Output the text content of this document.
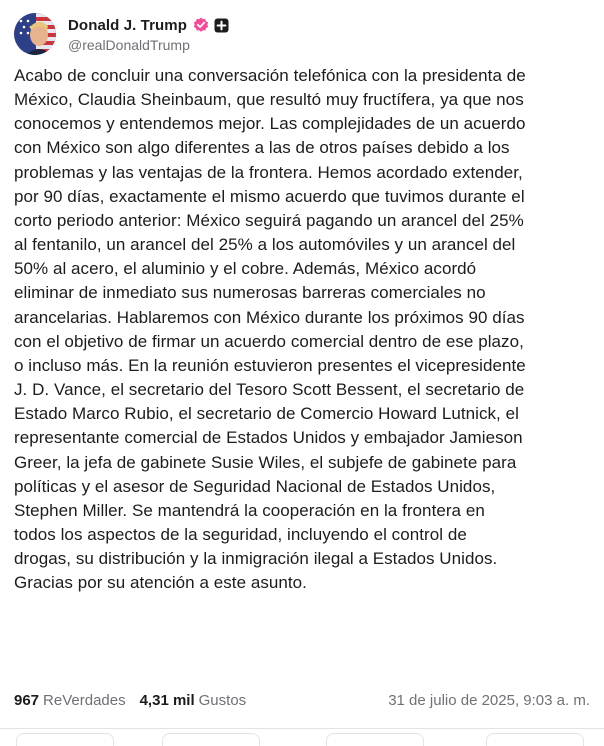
Donald J. Trump
@realDonaldTrump
Acabo de concluir una conversación telefónica con la presidenta de
México, Claudia Sheinbaum, que resultó muy fructífera, ya que nos
conocemos y entendemos mejor. Las complejidades de un acuerdo
con México son algo diferentes a las de otros países debido a los
problemas y las ventajas de la frontera. Hemos acordado extender,
por 90 días, exactamente el mismo acuerdo que tuvimos durante el
corto periodo anterior: México seguirá pagando un arancel del 25%
al fentanilo, un arancel del 25% a los automóviles y un arancel del
50% al acero, el aluminio y el cobre. Además, México acordó
eliminar de inmediato sus numerosas barreras comerciales no
arancelarias. Hablaremos con México durante los próximos 90 días
con el objetivo de firmar un acuerdo comercial dentro de ese plazo,
o incluso más. En la reunión estuvieron presentes el vicepresidente
J. D. Vance, el secretario del Tesoro Scott Bessent, el secretario de
Estado Marco Rubio, el secretario de Comercio Howard Lutnick, el
representante comercial de Estados Unidos y embajador Jamieson
Greer, la jefa de gabinete Susie Wiles, el subjefe de gabinete para
políticas y el asesor de Seguridad Nacional de Estados Unidos,
Stephen Miller. Se mantendrá la cooperación en la frontera en
todos los aspectos de la seguridad, incluyendo el control de
drogas, su distribución y la inmigración ilegal a Estados Unidos.
Gracias por su atención a este asunto.
967 ReVerdades 4,31 mil Gustos	31 de julio de 2025, 9:03 a. m.
